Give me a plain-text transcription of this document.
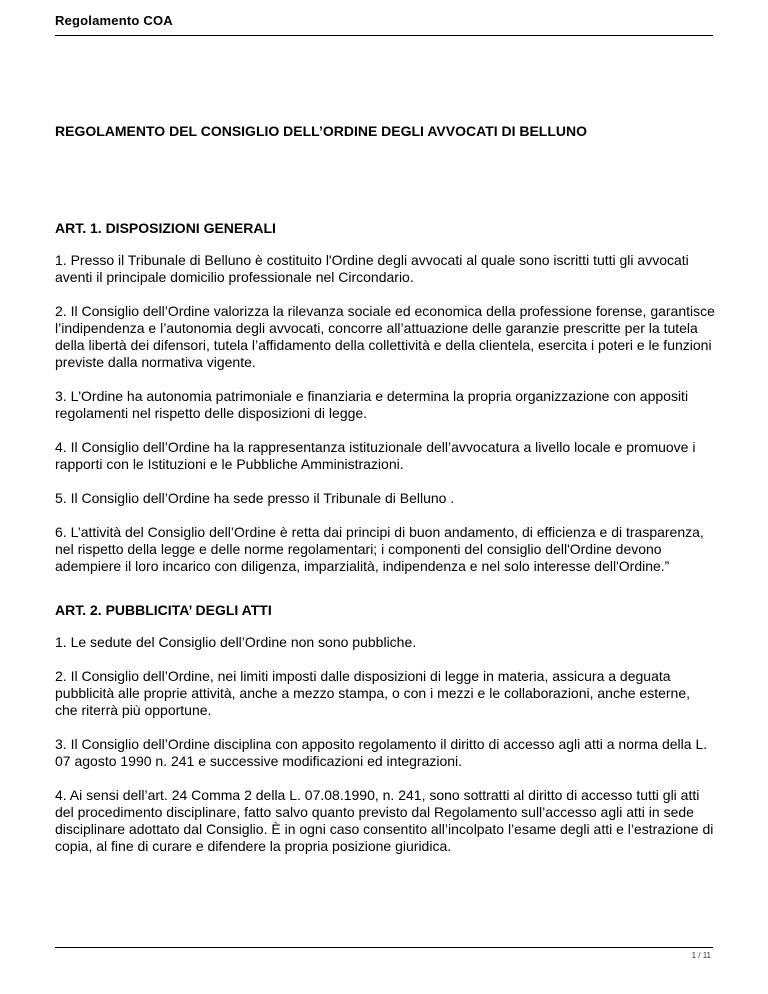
Regolamento COA
REGOLAMENTO DEL CONSIGLIO DELL’ORDINE DEGLI AVVOCATI DI BELLUNO
ART. 1. DISPOSIZIONI GENERALI
1. Presso il Tribunale di Belluno è costituito l'Ordine degli avvocati al quale sono iscritti tutti gli avvocati aventi il principale domicilio professionale nel Circondario.
2. Il Consiglio dell’Ordine valorizza la rilevanza sociale ed economica della professione forense, garantisce l’indipendenza e l’autonomia degli avvocati, concorre all’attuazione delle garanzie prescritte per la tutela della libertà dei difensori, tutela l’affidamento della collettività e della clientela, esercita i poteri e le funzioni previste dalla normativa vigente.
3. L'Ordine ha autonomia patrimoniale e finanziaria e determina la propria organizzazione con appositi regolamenti nel rispetto delle disposizioni di legge.
4. Il Consiglio dell’Ordine ha la rappresentanza istituzionale dell’avvocatura a livello locale e promuove i rapporti con le Istituzioni e le Pubbliche Amministrazioni.
5. Il Consiglio dell’Ordine ha sede presso il Tribunale di Belluno .
6. L’attività del Consiglio dell’Ordine è retta dai principi di buon andamento, di efficienza e di trasparenza, nel rispetto della legge e delle norme regolamentari; i componenti del consiglio dell'Ordine devono adempiere il loro incarico con diligenza, imparzialità, indipendenza e nel solo interesse dell'Ordine.”
ART. 2. PUBBLICITA’ DEGLI ATTI
1. Le sedute del Consiglio dell’Ordine non sono pubbliche.
2. Il Consiglio dell’Ordine, nei limiti imposti dalle disposizioni di legge in materia, assicura a deguata pubblicità alle proprie attività, anche a mezzo stampa, o con i mezzi e le collaborazioni, anche esterne, che riterrà più opportune.
3. Il Consiglio dell’Ordine disciplina con apposito regolamento il diritto di accesso agli atti a norma della L. 07 agosto 1990 n. 241 e successive modificazioni ed integrazioni.
4. Ai sensi dell’art. 24 Comma 2 della L. 07.08.1990, n. 241, sono sottratti al diritto di accesso tutti gli atti del procedimento disciplinare, fatto salvo quanto previsto dal Regolamento sull’accesso agli atti in sede disciplinare adottato dal Consiglio. È in ogni caso consentito all’incolpato l’esame degli atti e l’estrazione di copia, al fine di curare e difendere la propria posizione giuridica.
1 / 11
